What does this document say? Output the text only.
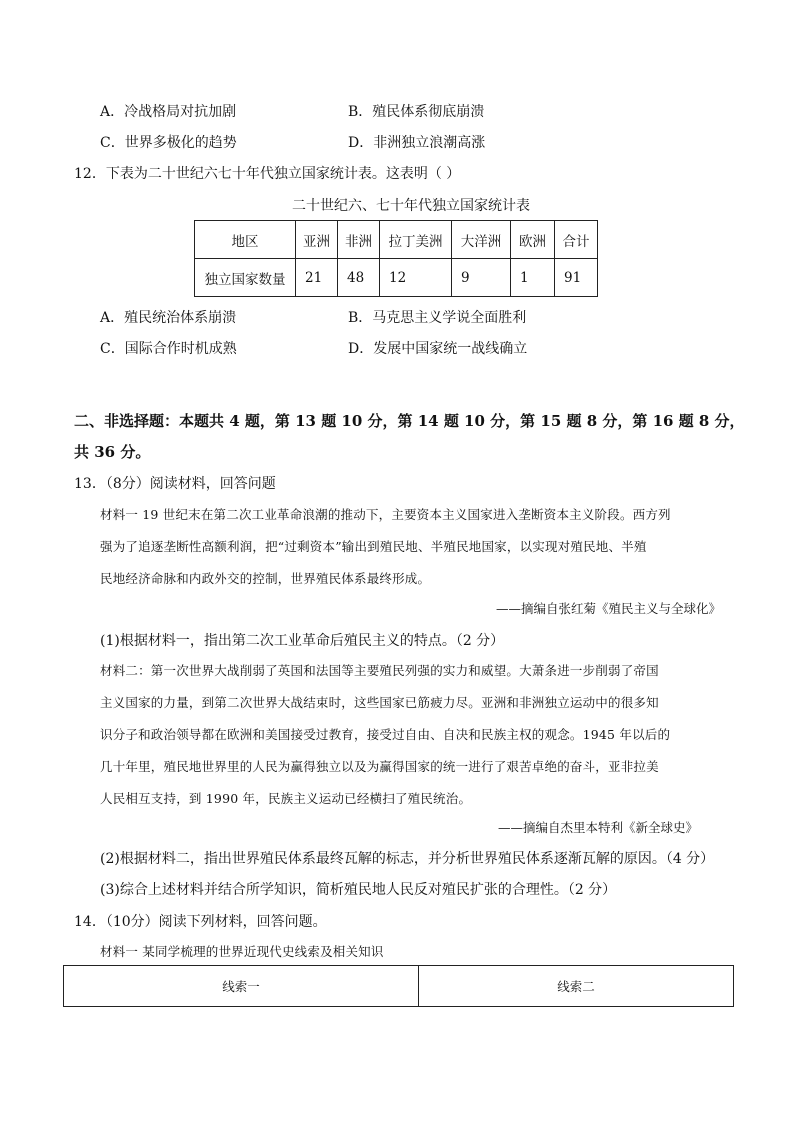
A．冷战格局对抗加剧	B．殖民体系彻底崩溃
C．世界多极化的趋势	D．非洲独立浪潮高涨
12．下表为二十世纪六七十年代独立国家统计表。这表明（ ）
二十世纪六、七十年代独立国家统计表
地区	亚洲	非洲	拉丁美洲	大洋洲	欧洲	合计
独立国家数量	21	48	12	9	1	91
A．殖民统治体系崩溃	B．马克思主义学说全面胜利
C．国际合作时机成熟	D．发展中国家统一战线确立
二、非选择题：本题共 4 题，第 13 题 10 分，第 14 题 10 分，第 15 题 8 分，第 16 题 8 分，
共 36 分。
13．（8分）阅读材料，回答问题
材料一 19 世纪末在第二次工业革命浪潮的推动下，主要资本主义国家进入垄断资本主义阶段。西方列
强为了追逐垄断性高额利润，把“过剩资本”输出到殖民地、半殖民地国家，以实现对殖民地、半殖
民地经济命脉和内政外交的控制，世界殖民体系最终形成。
——摘编自张红菊《殖民主义与全球化》
(1)根据材料一，指出第二次工业革命后殖民主义的特点。（2 分）
材料二：第一次世界大战削弱了英国和法国等主要殖民列强的实力和威望。大萧条进一步削弱了帝国
主义国家的力量，到第二次世界大战结束时，这些国家已筋疲力尽。亚洲和非洲独立运动中的很多知
识分子和政治领导都在欧洲和美国接受过教育，接受过自由、自决和民族主权的观念。1945 年以后的
几十年里，殖民地世界里的人民为赢得独立以及为赢得国家的统一进行了艰苦卓绝的奋斗，亚非拉美
人民相互支持，到 1990 年，民族主义运动已经横扫了殖民统治。
——摘编自杰里本特利《新全球史》
(2)根据材料二，指出世界殖民体系最终瓦解的标志，并分析世界殖民体系逐渐瓦解的原因。（4 分）
(3)综合上述材料并结合所学知识，简析殖民地人民反对殖民扩张的合理性。（2 分）
14．（10分）阅读下列材料，回答问题。
材料一 某同学梳理的世界近现代史线索及相关知识
线索一	线索二
